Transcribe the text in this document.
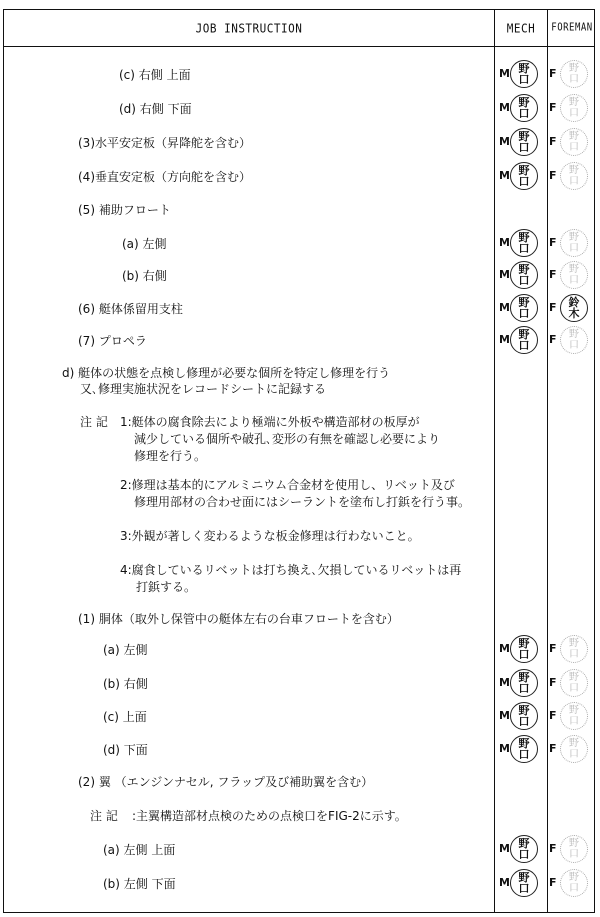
JOB INSTRUCTION	MECH	FOREMAN
(c) 右側 上面
(d) 右側 下面
(3)水平安定板（昇降舵を含む）
(4)垂直安定板（方向舵を含む）
(5) 補助フロート
(a) 左側
(b) 右側
(6) 艇体係留用支柱
(7) プロペラ
d) 艇体の状態を点検し修理が必要な個所を特定し修理を行う
又､修理実施状況をレコードシートに記録する
注 記 1:艇体の腐食除去により極端に外板や構造部材の板厚が
減少している個所や破孔､変形の有無を確認し必要により
修理を行う。
2:修理は基本的にアルミニウム合金材を使用し、リベット及び
修理用部材の合わせ面にはシーラントを塗布し打鋲を行う事。
3:外観が著しく変わるような板金修理は行わないこと。
4:腐食しているリベットは打ち換え､欠損しているリベットは再
打鋲する。
(1) 胴体（取外し保管中の艇体左右の台車フロートを含む）
(a) 左側
(b) 右側
(c) 上面
(d) 下面
(2) 翼 （エンジンナセル, フラップ及び補助翼を含む）
注 記 :主翼構造部材点検のための点検口をFIG-2に示す。
(a) 左側 上面
(b) 左側 下面
M 野
口 F 野
口
M 野
口 F 野
口
M 野
口 F 野
口
M 野
口 F 野
口
M 野
口 F 野
口
M 野
口 F 野
口
M 野
口 F 鈴
木
M 野
口 F 野
口
M 野
口 F 野
口
M 野
口 F 野
口
M 野
口 F 野
口
M 野
口 F 野
口
M 野
口 F 野
口
M 野
口 F 野
口
